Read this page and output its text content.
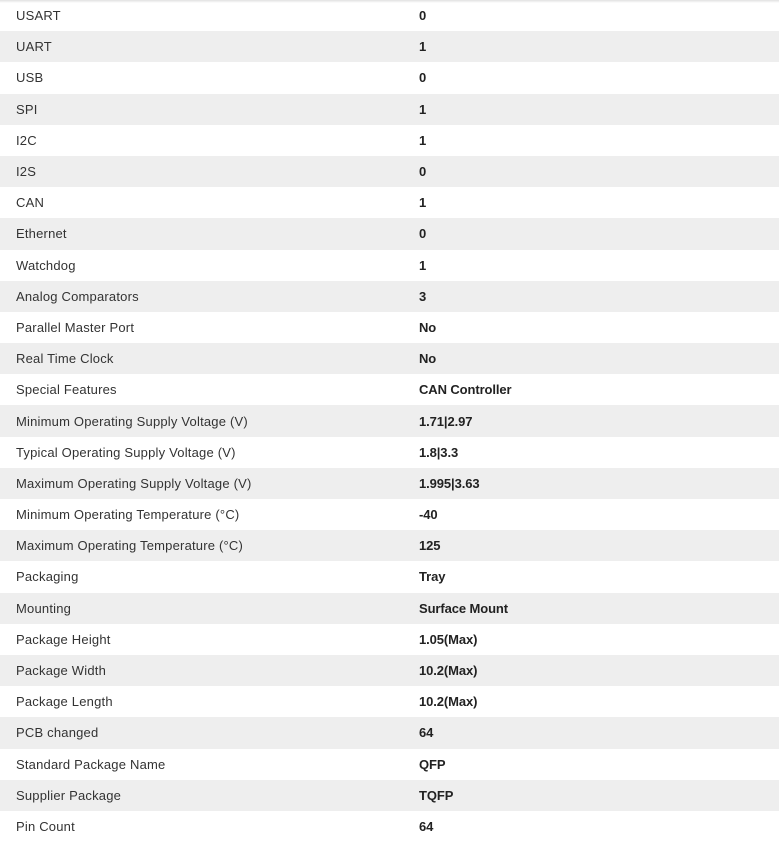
USART	0
UART	1
USB	0
SPI	1
I2C	1
I2S	0
CAN	1
Ethernet	0
Watchdog	1
Analog Comparators	3
Parallel Master Port	No
Real Time Clock	No
Special Features	CAN Controller
Minimum Operating Supply Voltage (V)	1.71|2.97
Typical Operating Supply Voltage (V)	1.8|3.3
Maximum Operating Supply Voltage (V)	1.995|3.63
Minimum Operating Temperature (°C)	-40
Maximum Operating Temperature (°C)	125
Packaging	Tray
Mounting	Surface Mount
Package Height	1.05(Max)
Package Width	10.2(Max)
Package Length	10.2(Max)
PCB changed	64
Standard Package Name	QFP
Supplier Package	TQFP
Pin Count	64
